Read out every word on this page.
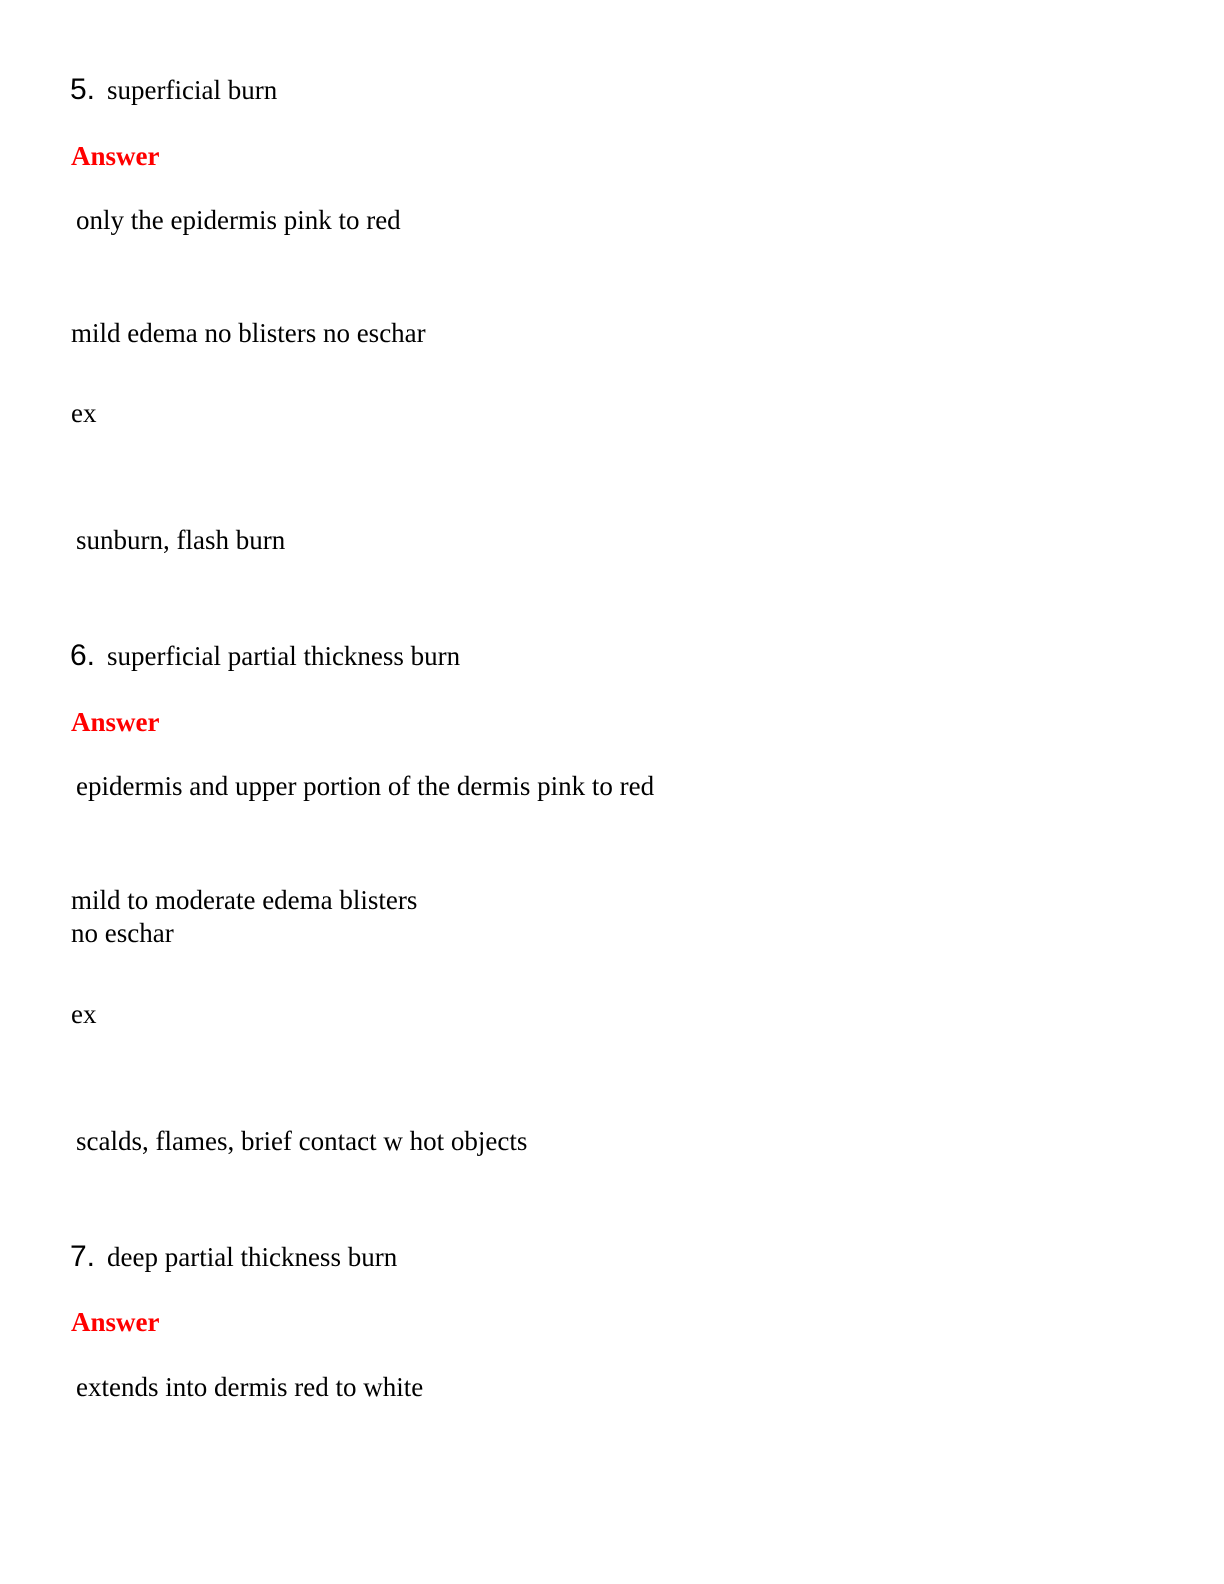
5. superficial burn
Answer
only the epidermis pink to red
mild edema no blisters no eschar
ex
sunburn, flash burn
6. superficial partial thickness burn
Answer
epidermis and upper portion of the dermis pink to red
mild to moderate edema blisters
no eschar
ex
scalds, flames, brief contact w hot objects
7. deep partial thickness burn
Answer
extends into dermis red to white
